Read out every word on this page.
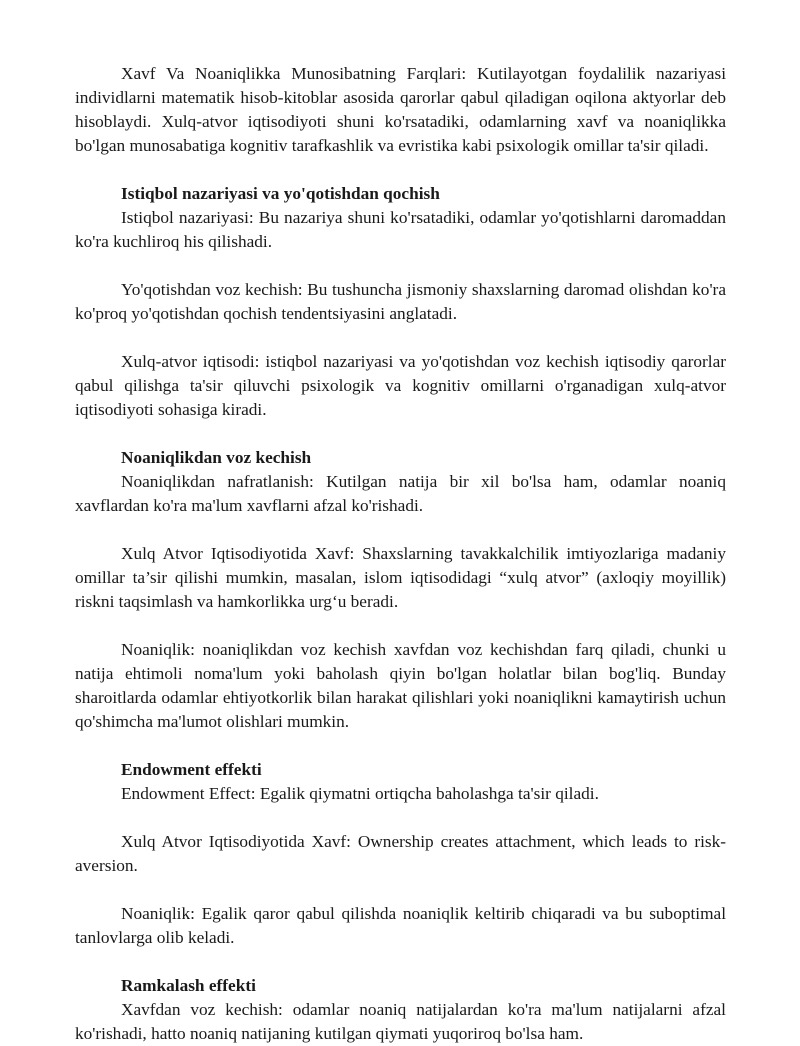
Xavf Va Noaniqlikka Munosibatning Farqlari: Kutilayotgan foydalilik nazariyasi individlarni matematik hisob-kitoblar asosida qarorlar qabul qiladigan oqilona aktyorlar deb hisoblaydi. Xulq-atvor iqtisodiyoti shuni ko'rsatadiki, odamlarning xavf va noaniqlikka bo'lgan munosabatiga kognitiv tarafkashlik va evristika kabi psixologik omillar ta'sir qiladi.

Istiqbol nazariyasi va yo'qotishdan qochish

Istiqbol nazariyasi: Bu nazariya shuni ko'rsatadiki, odamlar yo'qotishlarni daromaddan ko'ra kuchliroq his qilishadi.

Yo'qotishdan voz kechish: Bu tushuncha jismoniy shaxslarning daromad olishdan ko'ra ko'proq yo'qotishdan qochish tendentsiyasini anglatadi.

Xulq-atvor iqtisodi: istiqbol nazariyasi va yo'qotishdan voz kechish iqtisodiy qarorlar qabul qilishga ta'sir qiluvchi psixologik va kognitiv omillarni o'rganadigan xulq-atvor iqtisodiyoti sohasiga kiradi.

Noaniqlikdan voz kechish

Noaniqlikdan nafratlanish: Kutilgan natija bir xil bo'lsa ham, odamlar noaniq xavflardan ko'ra ma'lum xavflarni afzal ko'rishadi.

Xulq Atvor Iqtisodiyotida Xavf: Shaxslarning tavakkalchilik imtiyozlariga madaniy omillar ta’sir qilishi mumkin, masalan, islom iqtisodidagi “xulq atvor” (axloqiy moyillik) riskni taqsimlash va hamkorlikka urg‘u beradi.

Noaniqlik: noaniqlikdan voz kechish xavfdan voz kechishdan farq qiladi, chunki u natija ehtimoli noma'lum yoki baholash qiyin bo'lgan holatlar bilan bog'liq. Bunday sharoitlarda odamlar ehtiyotkorlik bilan harakat qilishlari yoki noaniqlikni kamaytirish uchun qo'shimcha ma'lumot olishlari mumkin.

Endowment effekti

Endowment Effect: Egalik qiymatni ortiqcha baholashga ta'sir qiladi.

Xulq Atvor Iqtisodiyotida Xavf: Ownership creates attachment, which leads to risk-aversion.

Noaniqlik: Egalik qaror qabul qilishda noaniqlik keltirib chiqaradi va bu suboptimal tanlovlarga olib keladi.

Ramkalash effekti

Xavfdan voz kechish: odamlar noaniq natijalardan ko'ra ma'lum natijalarni afzal ko'rishadi, hatto noaniq natijaning kutilgan qiymati yuqoriroq bo'lsa ham.
